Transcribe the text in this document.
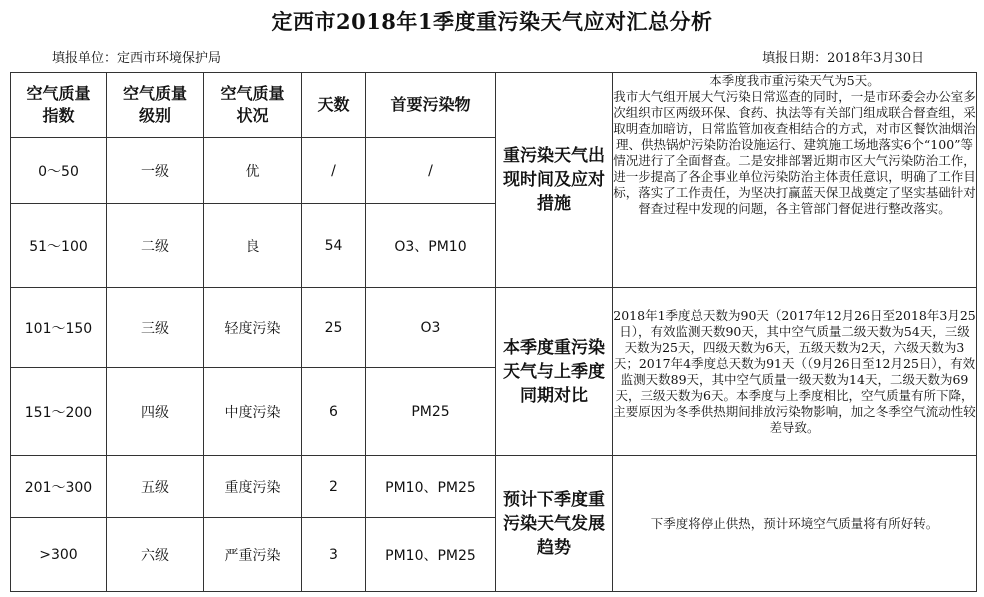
定西市2018年1季度重污染天气应对汇总分析
填报单位：定西市环境保护局	填报日期：2018年3月30日
空气质量指数	空气质量级别	空气质量状况	天数	首要污染物	重污染天气出现时间及应对措施	本季度我市重污染天气为5天。
我市大气组开展大气污染日常巡查的同时，一是市环委会办公室多次组织市区两级环保、食药、执法等有关部门组成联合督查组，采取明查加暗访，日常监管加夜查相结合的方式，对市区餐饮油烟治理、供热锅炉污染防治设施运行、建筑施工场地落实6个“100”等情况进行了全面督查。二是安排部署近期市区大气污染防治工作，进一步提高了各企事业单位污染防治主体责任意识，明确了工作目标，落实了工作责任，为坚决打赢蓝天保卫战奠定了坚实基础针对督查过程中发现的问题，各主管部门督促进行整改落实。

0～50	一级	优	/	/		
51～100	二级	良	54	O3、PM10		
101～150	三级	轻度污染	25	O3	本季度重污染天气与上季度同期对比	2018年1季度总天数为90天（2017年12月26日至2018年3月25日），有效监测天数90天，其中空气质量二级天数为54天，三级天数为25天，四级天数为6天，五级天数为2天，六级天数为3天；2017年4季度总天数为91天（（9月26日至12月25日），有效监测天数89天，其中空气质量一级天数为14天，二级天数为69天，三级天数为6天。本季度与上季度相比，空气质量有所下降，主要原因为冬季供热期间排放污染物影响，加之冬季空气流动性较差导致。

151～200	四级	中度污染	6	PM25		
201～300	五级	重度污染	2	PM10、PM25	预计下季度重污染天气发展趋势	下季度将停止供热，预计环境空气质量将有所好转。
>300	六级	严重污染	3	PM10、PM25		
